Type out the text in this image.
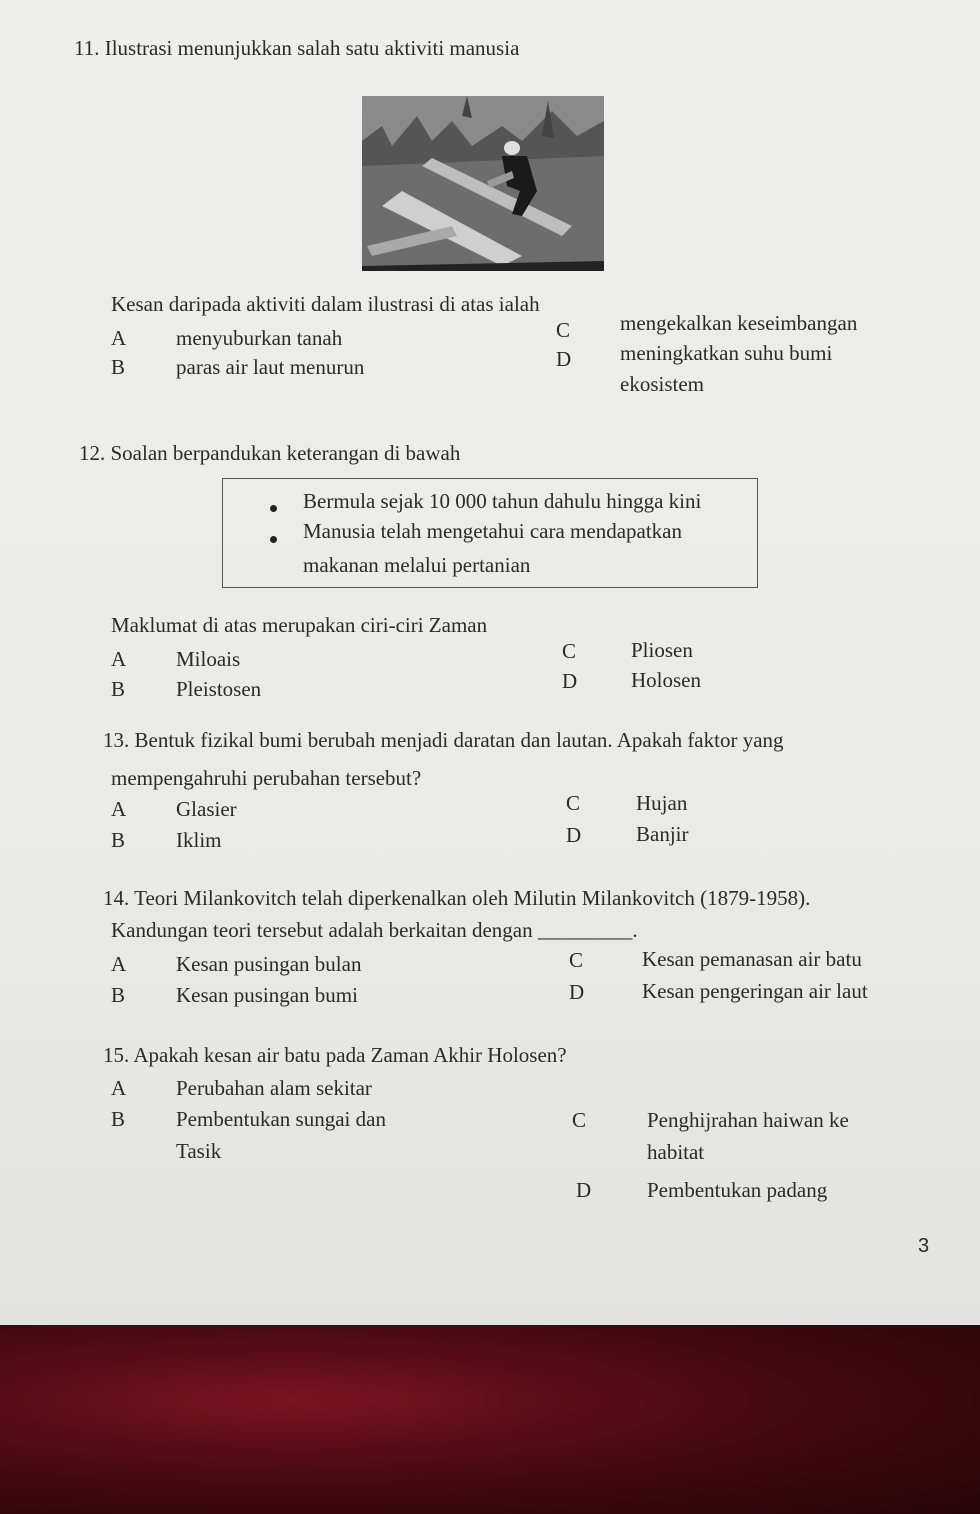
11. Ilustrasi menunjukkan salah satu aktiviti manusia
Kesan daripada aktiviti dalam ilustrasi di atas ialah
A menyuburkan tanah
B paras air laut menurun
C mengekalkan keseimbangan
D meningkatkan suhu bumi
ekosistem
12. Soalan berpandukan keterangan di bawah
Bermula sejak 10 000 tahun dahulu hingga kini
Manusia telah mengetahui cara mendapatkan
makanan melalui pertanian
Maklumat di atas merupakan ciri-ciri Zaman
A Miloais
B Pleistosen
C	Pliosen
D	Holosen
13. Bentuk fizikal bumi berubah menjadi daratan dan lautan. Apakah faktor yang
mempengahruhi perubahan tersebut?
A Glasier
B Iklim
C	Hujan
D	Banjir
14. Teori Milankovitch telah diperkenalkan oleh Milutin Milankovitch (1879-1958).
Kandungan teori tersebut adalah berkaitan dengan _________.
A Kesan pusingan bulan
B Kesan pusingan bumi
C	Kesan pemanasan air batu
D	Kesan pengeringan air laut
15. Apakah kesan air batu pada Zaman Akhir Holosen?
A Perubahan alam sekitar
B Pembentukan sungai dan
Tasik
C	Penghijrahan haiwan ke
habitat
D	Pembentukan padang
3
